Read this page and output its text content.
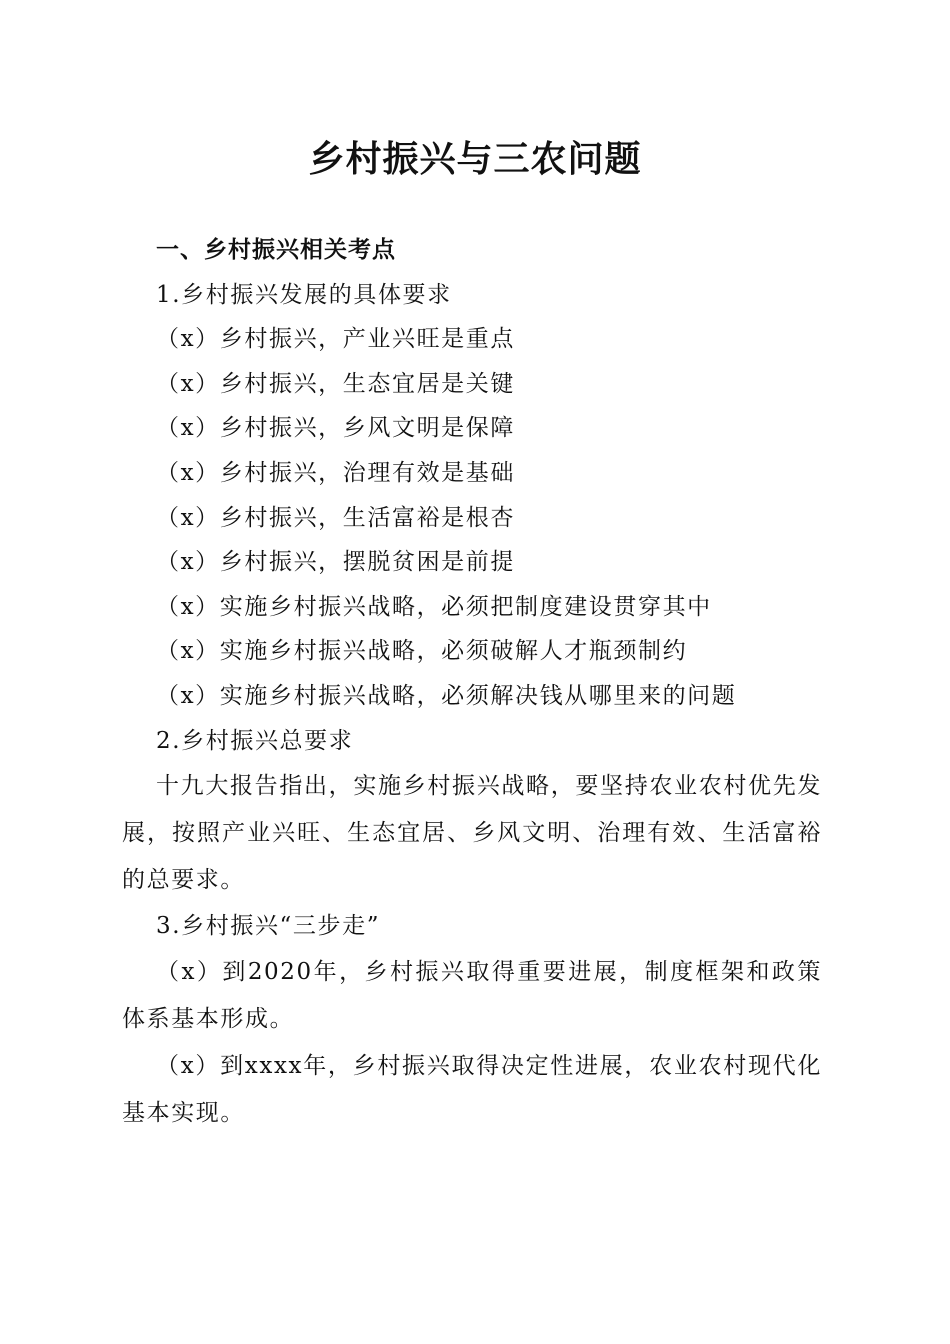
乡村振兴与三农问题
一、乡村振兴相关考点
1.乡村振兴发展的具体要求
（x）乡村振兴，产业兴旺是重点
（x）乡村振兴，生态宜居是关键
（x）乡村振兴，乡风文明是保障
（x）乡村振兴，治理有效是基础
（x）乡村振兴，生活富裕是根杏
（x）乡村振兴，摆脱贫困是前提
（x）实施乡村振兴战略，必须把制度建设贯穿其中
（x）实施乡村振兴战略，必须破解人才瓶颈制约
（x）实施乡村振兴战略，必须解决钱从哪里来的问题
2.乡村振兴总要求

十九大报告指出，实施乡村振兴战略，要坚持农业农村优先发展，按照产业兴旺、生态宜居、乡风文明、治理有效、生活富裕的总要求。

3.乡村振兴“三步走”

（x）到2020年，乡村振兴取得重要进展，制度框架和政策体系基本形成。

（x）到xxxx年，乡村振兴取得决定性进展，农业农村现代化基本实现。
